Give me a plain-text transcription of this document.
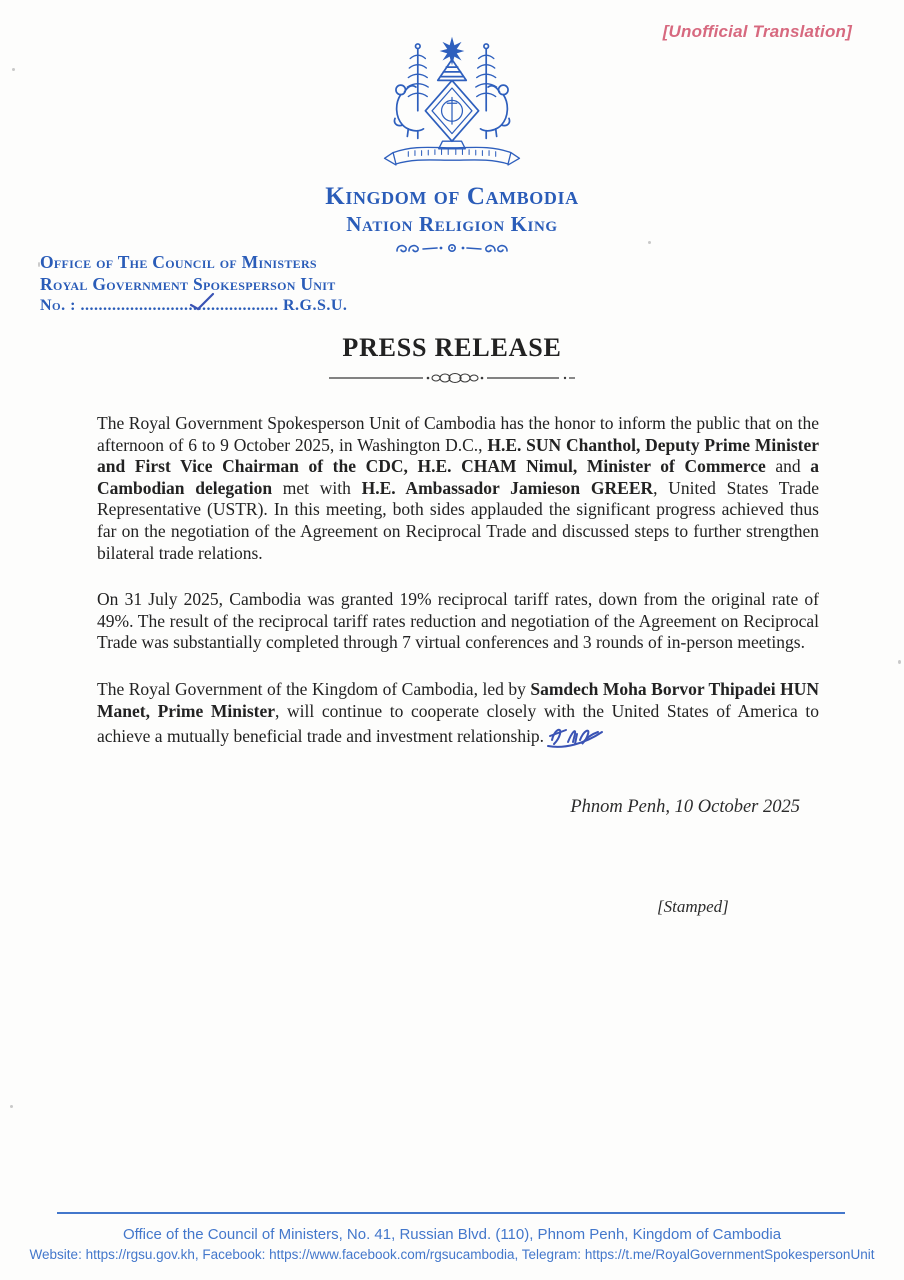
[Unofficial Translation]
Kingdom of Cambodia
Nation Religion King
Office of The Council of Ministers
Royal Government Spokesperson Unit
No. : ............................................ R.G.S.U.
PRESS RELEASE

The Royal Government Spokesperson Unit of Cambodia has the honor to inform the public that on the afternoon of 6 to 9 October 2025, in Washington D.C., H.E. SUN Chanthol, Deputy Prime Minister and First Vice Chairman of the CDC, H.E. CHAM Nimul, Minister of Commerce and a Cambodian delegation met with H.E. Ambassador Jamieson GREER, United States Trade Representative (USTR). In this meeting, both sides applauded the significant progress achieved thus far on the negotiation of the Agreement on Reciprocal Trade and discussed steps to further strengthen bilateral trade relations.

On 31 July 2025, Cambodia was granted 19% reciprocal tariff rates, down from the original rate of 49%. The result of the reciprocal tariff rates reduction and negotiation of the Agreement on Reciprocal Trade was substantially completed through 7 virtual conferences and 3 rounds of in-person meetings.

The Royal Government of the Kingdom of Cambodia, led by Samdech Moha Borvor Thipadei HUN Manet, Prime Minister, will continue to cooperate closely with the United States of America to achieve a mutually beneficial trade and investment relationship.

Phnom Penh, 10 October 2025
[Stamped]
Office of the Council of Ministers, No. 41, Russian Blvd. (110), Phnom Penh, Kingdom of Cambodia
Website: https://rgsu.gov.kh, Facebook: https://www.facebook.com/rgsucambodia, Telegram: https://t.me/RoyalGovernmentSpokespersonUnit
